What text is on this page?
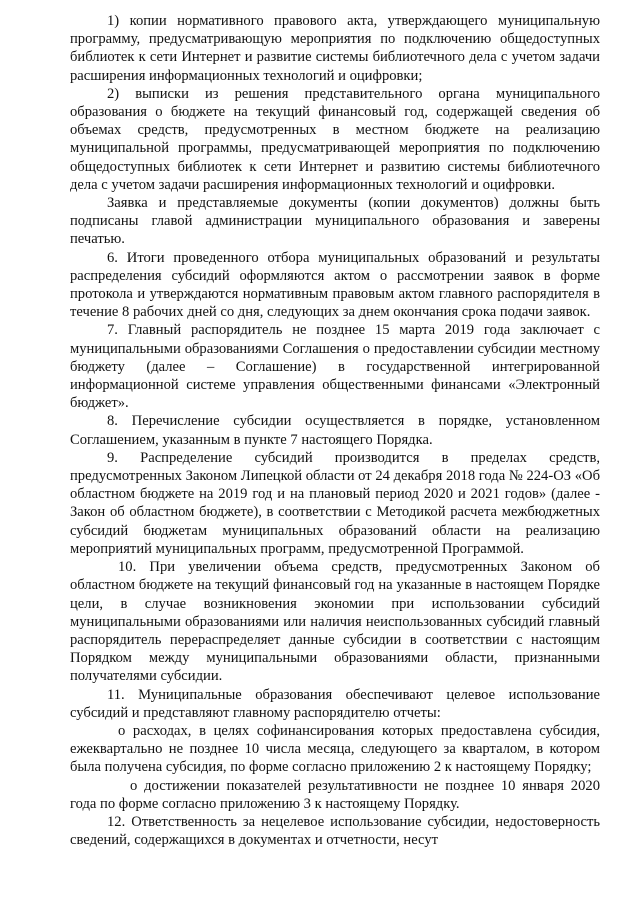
1) копии нормативного правового акта, утверждающего муниципальную программу, предусматривающую мероприятия по подключению общедоступных библиотек к сети Интернет и развитие системы библиотечного дела с учетом задачи расширения информационных технологий и оцифровки;

2) выписки из решения представительного органа муниципального образования о бюджете на текущий финансовый год, содержащей сведения об объемах средств, предусмотренных в местном бюджете на реализацию муниципальной программы, предусматривающей мероприятия по подключению общедоступных библиотек к сети Интернет и развитию системы библиотечного дела с учетом задачи расширения информационных технологий и оцифровки.

Заявка и представляемые документы (копии документов) должны быть подписаны главой администрации муниципального образования и заверены печатью.

6. Итоги проведенного отбора муниципальных образований и результаты распределения субсидий оформляются актом о рассмотрении заявок в форме протокола и утверждаются нормативным правовым актом главного распорядителя в течение 8 рабочих дней со дня, следующих за днем окончания срока подачи заявок.

7. Главный распорядитель не позднее 15 марта 2019 года заключает с муниципальными образованиями Соглашения о предоставлении субсидии местному бюджету (далее – Соглашение) в государственной интегрированной информационной системе управления общественными финансами «Электронный бюджет».

8. Перечисление субсидии осуществляется в порядке, установленном Соглашением, указанным в пункте 7 настоящего Порядка.

9. Распределение субсидий производится в пределах средств, предусмотренных Законом Липецкой области от 24 декабря 2018 года № 224-ОЗ «Об областном бюджете на 2019 год и на плановый период 2020 и 2021 годов» (далее - Закон об областном бюджете), в соответствии с Методикой расчета межбюджетных субсидий бюджетам муниципальных образований области на реализацию мероприятий муниципальных программ, предусмотренной Программой.

10. При увеличении объема средств, предусмотренных Законом об областном бюджете на текущий финансовый год на указанные в настоящем Порядке цели, в случае возникновения экономии при использовании субсидий муниципальными образованиями или наличия неиспользованных субсидий главный распорядитель перераспределяет данные субсидии в соответствии с настоящим Порядком между муниципальными образованиями области, признанными получателями субсидии.

11. Муниципальные образования обеспечивают целевое использование субсидий и представляют главному распорядителю отчеты:

о расходах, в целях софинансирования которых предоставлена субсидия, ежеквартально не позднее 10 числа месяца, следующего за кварталом, в котором была получена субсидия, по форме согласно приложению 2 к настоящему Порядку;

о достижении показателей результативности не позднее 10 января 2020 года по форме согласно приложению 3 к настоящему Порядку.

12. Ответственность за нецелевое использование субсидии, недостоверность сведений, содержащихся в документах и отчетности, несут
